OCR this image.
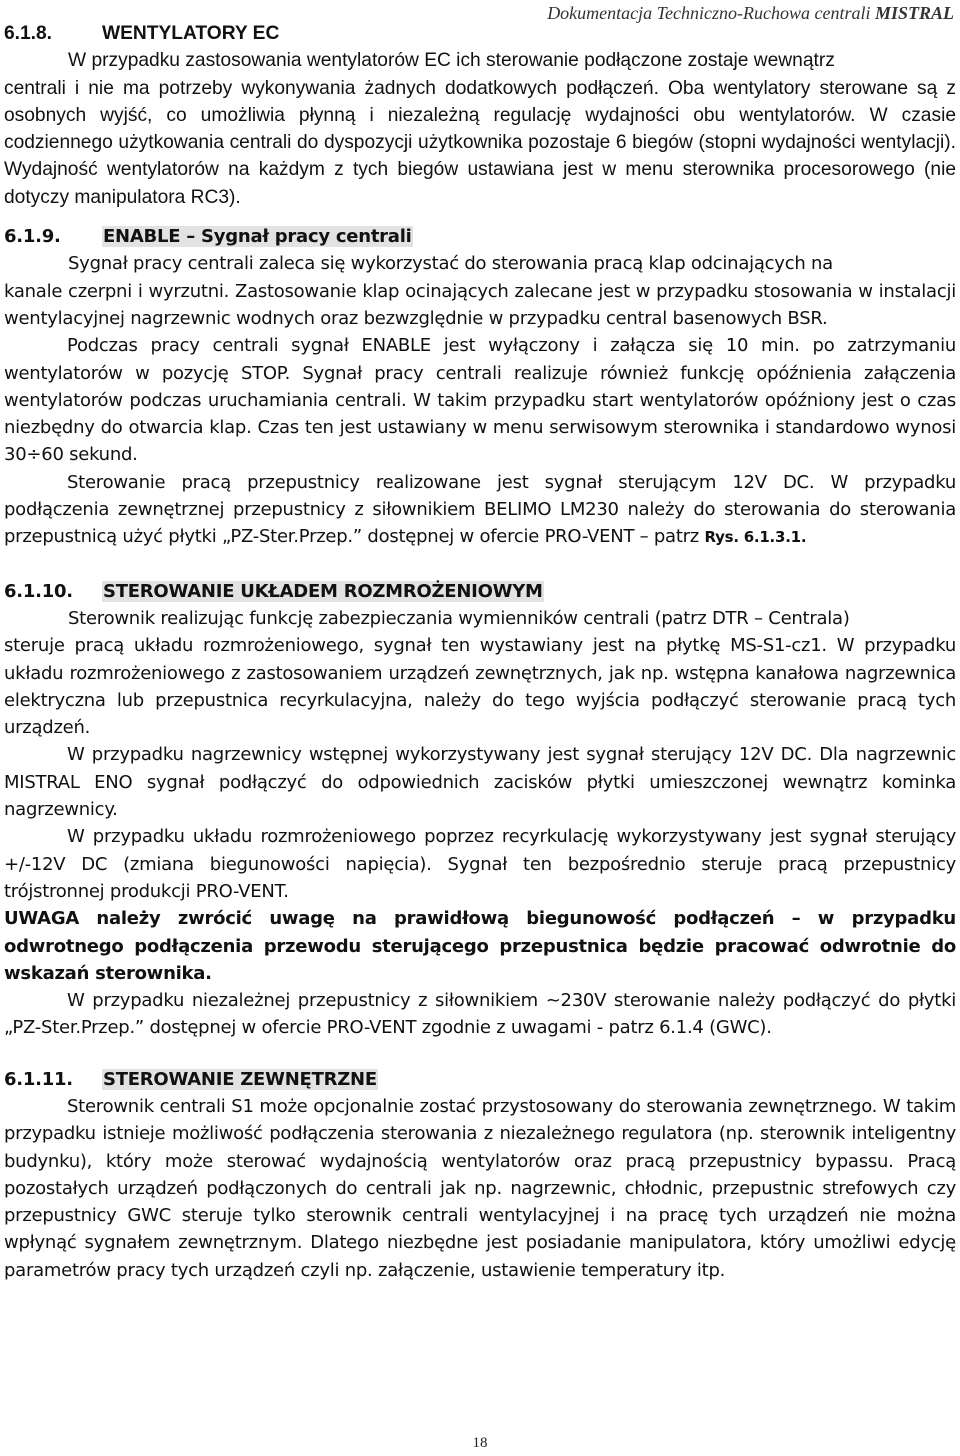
Dokumentacja Techniczno-Ruchowa centrali MISTRAL
6.1.8.	WENTYLATORY EC

W przypadku zastosowania wentylatorów EC ich sterowanie podłączone zostaje wewnątrz

centrali i nie ma potrzeby wykonywania żadnych dodatkowych podłączeń. Oba wentylatory sterowane są z osobnych wyjść, co umożliwia płynną i niezależną regulację wydajności obu wentylatorów. W czasie codziennego użytkowania centrali do dyspozycji użytkownika pozostaje 6 biegów (stopni wydajności wentylacji). Wydajność wentylatorów na każdym z tych biegów ustawiana jest w menu sterownika procesorowego (nie dotyczy manipulatora RC3).

6.1.9. ENABLE – Sygnał pracy centrali

Sygnał pracy centrali zaleca się wykorzystać do sterowania pracą klap odcinających na

kanale czerpni i wyrzutni. Zastosowanie klap ocinających zalecane jest w przypadku stosowania w instalacji wentylacyjnej nagrzewnic wodnych oraz bezwzględnie w przypadku central basenowych BSR.

Podczas pracy centrali sygnał ENABLE jest wyłączony i załącza się 10 min. po zatrzymaniu wentylatorów w pozycję STOP. Sygnał pracy centrali realizuje również funkcję opóźnienia załączenia wentylatorów podczas uruchamiania centrali. W takim przypadku start wentylatorów opóźniony jest o czas niezbędny do otwarcia klap. Czas ten jest ustawiany w menu serwisowym sterownika i standardowo wynosi 30÷60 sekund.

Sterowanie pracą przepustnicy realizowane jest sygnał sterującym 12V DC. W przypadku podłączenia zewnętrznej przepustnicy z siłownikiem BELIMO LM230 należy do sterowania do sterowania przepustnicą użyć płytki „PZ-Ster.Przep.” dostępnej w ofercie PRO-VENT – patrz Rys. 6.1.3.1.

6.1.10. STEROWANIE UKŁADEM ROZMROŻENIOWYM

Sterownik realizując funkcję zabezpieczania wymienników centrali (patrz DTR – Centrala)

steruje pracą układu rozmrożeniowego, sygnał ten wystawiany jest na płytkę MS-S1-cz1. W przypadku układu rozmrożeniowego z zastosowaniem urządzeń zewnętrznych, jak np. wstępna kanałowa nagrzewnica elektryczna lub przepustnica recyrkulacyjna, należy do tego wyjścia podłączyć sterowanie pracą tych urządzeń.

W przypadku nagrzewnicy wstępnej wykorzystywany jest sygnał sterujący 12V DC. Dla nagrzewnic MISTRAL ENO sygnał podłączyć do odpowiednich zacisków płytki umieszczonej wewnątrz kominka nagrzewnicy.

W przypadku układu rozmrożeniowego poprzez recyrkulację wykorzystywany jest sygnał sterujący +/-12V DC (zmiana biegunowości napięcia). Sygnał ten bezpośrednio steruje pracą przepustnicy trójstronnej produkcji PRO-VENT.

UWAGA należy zwrócić uwagę na prawidłową biegunowość podłączeń – w przypadku odwrotnego podłączenia przewodu sterującego przepustnica będzie pracować odwrotnie do wskazań sterownika.

W przypadku niezależnej przepustnicy z siłownikiem ~230V sterowanie należy podłączyć do płytki „PZ-Ster.Przep.” dostępnej w ofercie PRO-VENT zgodnie z uwagami - patrz 6.1.4 (GWC).

6.1.11. STEROWANIE ZEWNĘTRZNE

Sterownik centrali S1 może opcjonalnie zostać przystosowany do sterowania zewnętrznego. W takim przypadku istnieje możliwość podłączenia sterowania z niezależnego regulatora (np. sterownik inteligentny budynku), który może sterować wydajnością wentylatorów oraz pracą przepustnicy bypassu. Pracą pozostałych urządzeń podłączonych do centrali jak np. nagrzewnic, chłodnic, przepustnic strefowych czy przepustnicy GWC steruje tylko sterownik centrali wentylacyjnej i na pracę tych urządzeń nie można wpłynąć sygnałem zewnętrznym. Dlatego niezbędne jest posiadanie manipulatora, który umożliwi edycję parametrów pracy tych urządzeń czyli np. załączenie, ustawienie temperatury itp.

18
